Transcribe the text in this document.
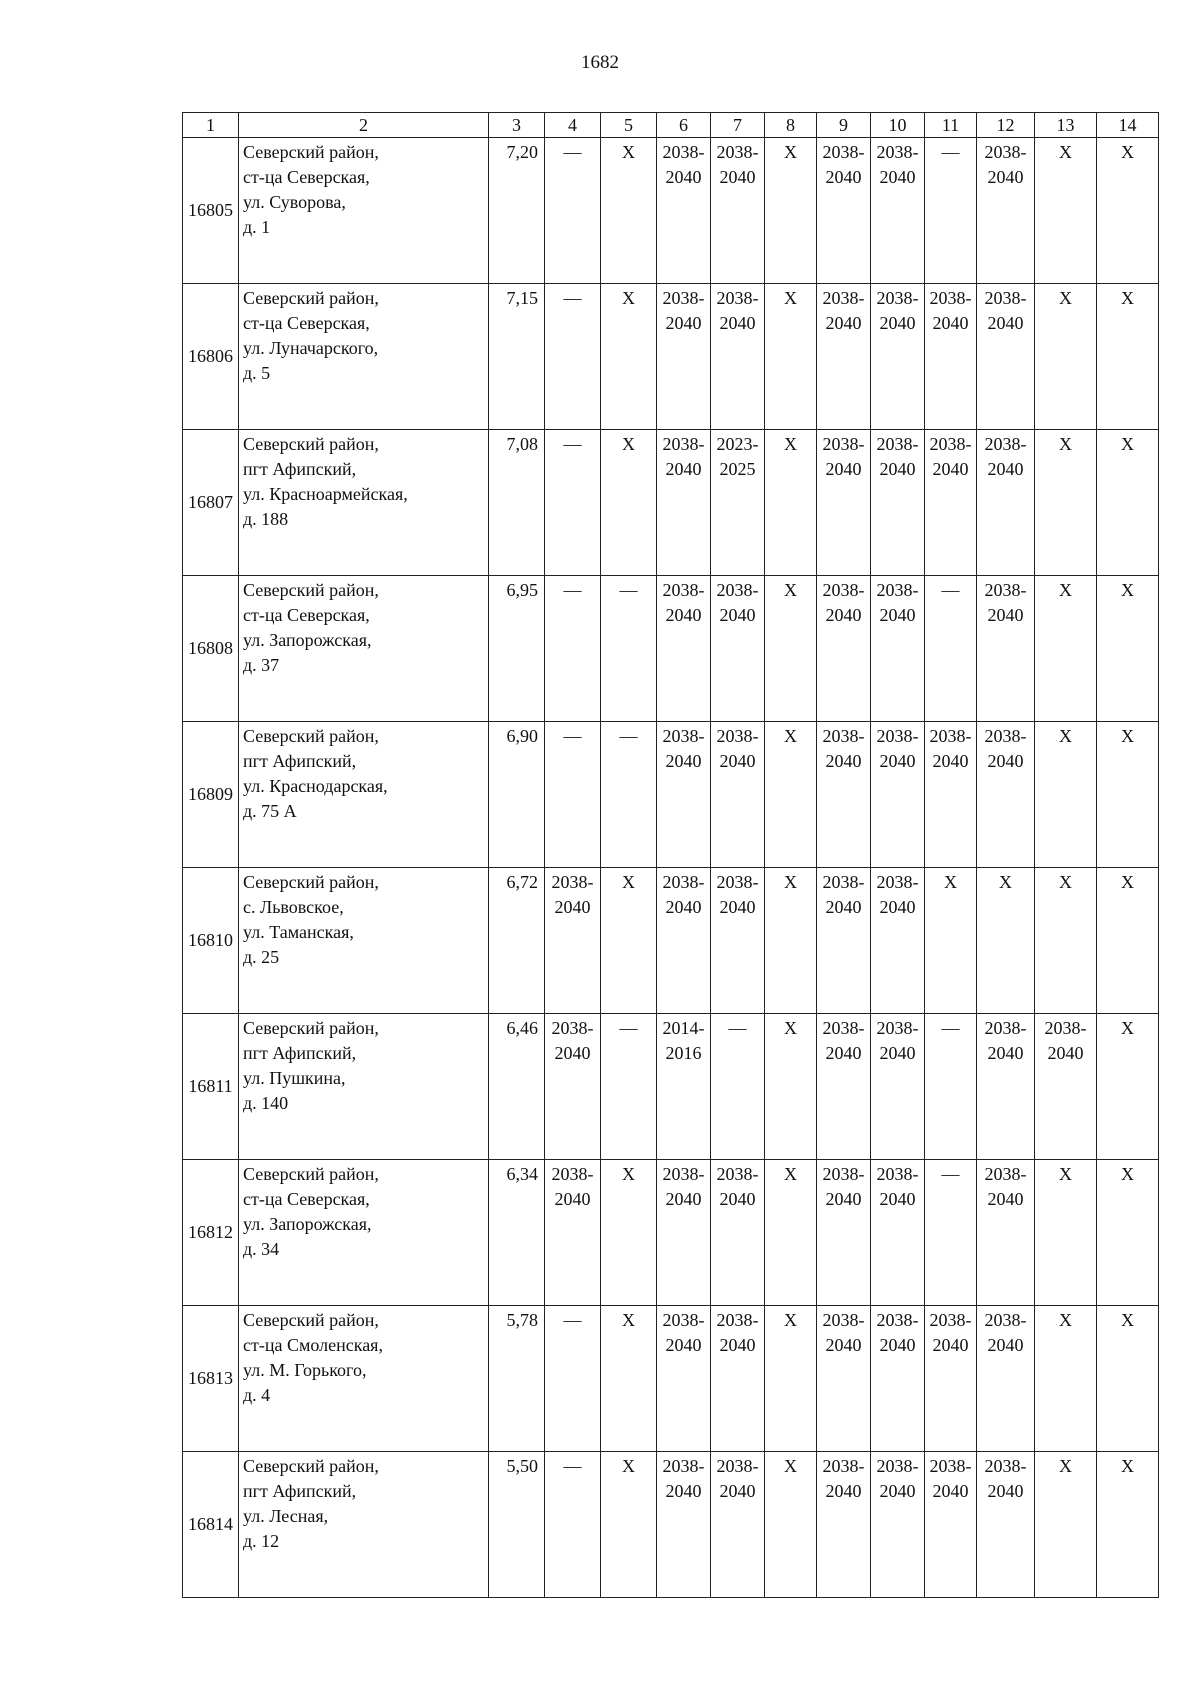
1682
1	2	3	4	5	6	7	8	9	10	11	12	13	14
16805	Северский район,
ст-ца Северская,
ул. Суворова,
д. 1	7,20	—	X	2038-
2040	2038-
2040	X	2038-
2040	2038-
2040	—	2038-
2040	X	X
16806	Северский район,
ст-ца Северская,
ул. Луначарского,
д. 5	7,15	—	X	2038-
2040	2038-
2040	X	2038-
2040	2038-
2040	2038-
2040	2038-
2040	X	X
16807	Северский район,
пгт Афипский,
ул. Красноармейская,
д. 188	7,08	—	X	2038-
2040	2023-
2025	X	2038-
2040	2038-
2040	2038-
2040	2038-
2040	X	X
16808	Северский район,
ст-ца Северская,
ул. Запорожская,
д. 37	6,95	—	—	2038-
2040	2038-
2040	X	2038-
2040	2038-
2040	—	2038-
2040	X	X
16809	Северский район,
пгт Афипский,
ул. Краснодарская,
д. 75 А	6,90	—	—	2038-
2040	2038-
2040	X	2038-
2040	2038-
2040	2038-
2040	2038-
2040	X	X
16810	Северский район,
с. Львовское,
ул. Таманская,
д. 25	6,72	2038-
2040	X	2038-
2040	2038-
2040	X	2038-
2040	2038-
2040	X	X	X	X
16811	Северский район,
пгт Афипский,
ул. Пушкина,
д. 140	6,46	2038-
2040	—	2014-
2016	—	X	2038-
2040	2038-
2040	—	2038-
2040	2038-
2040	X
16812	Северский район,
ст-ца Северская,
ул. Запорожская,
д. 34	6,34	2038-
2040	X	2038-
2040	2038-
2040	X	2038-
2040	2038-
2040	—	2038-
2040	X	X
16813	Северский район,
ст-ца Смоленская,
ул. М. Горького,
д. 4	5,78	—	X	2038-
2040	2038-
2040	X	2038-
2040	2038-
2040	2038-
2040	2038-
2040	X	X
16814	Северский район,
пгт Афипский,
ул. Лесная,
д. 12	5,50	—	X	2038-
2040	2038-
2040	X	2038-
2040	2038-
2040	2038-
2040	2038-
2040	X	X
